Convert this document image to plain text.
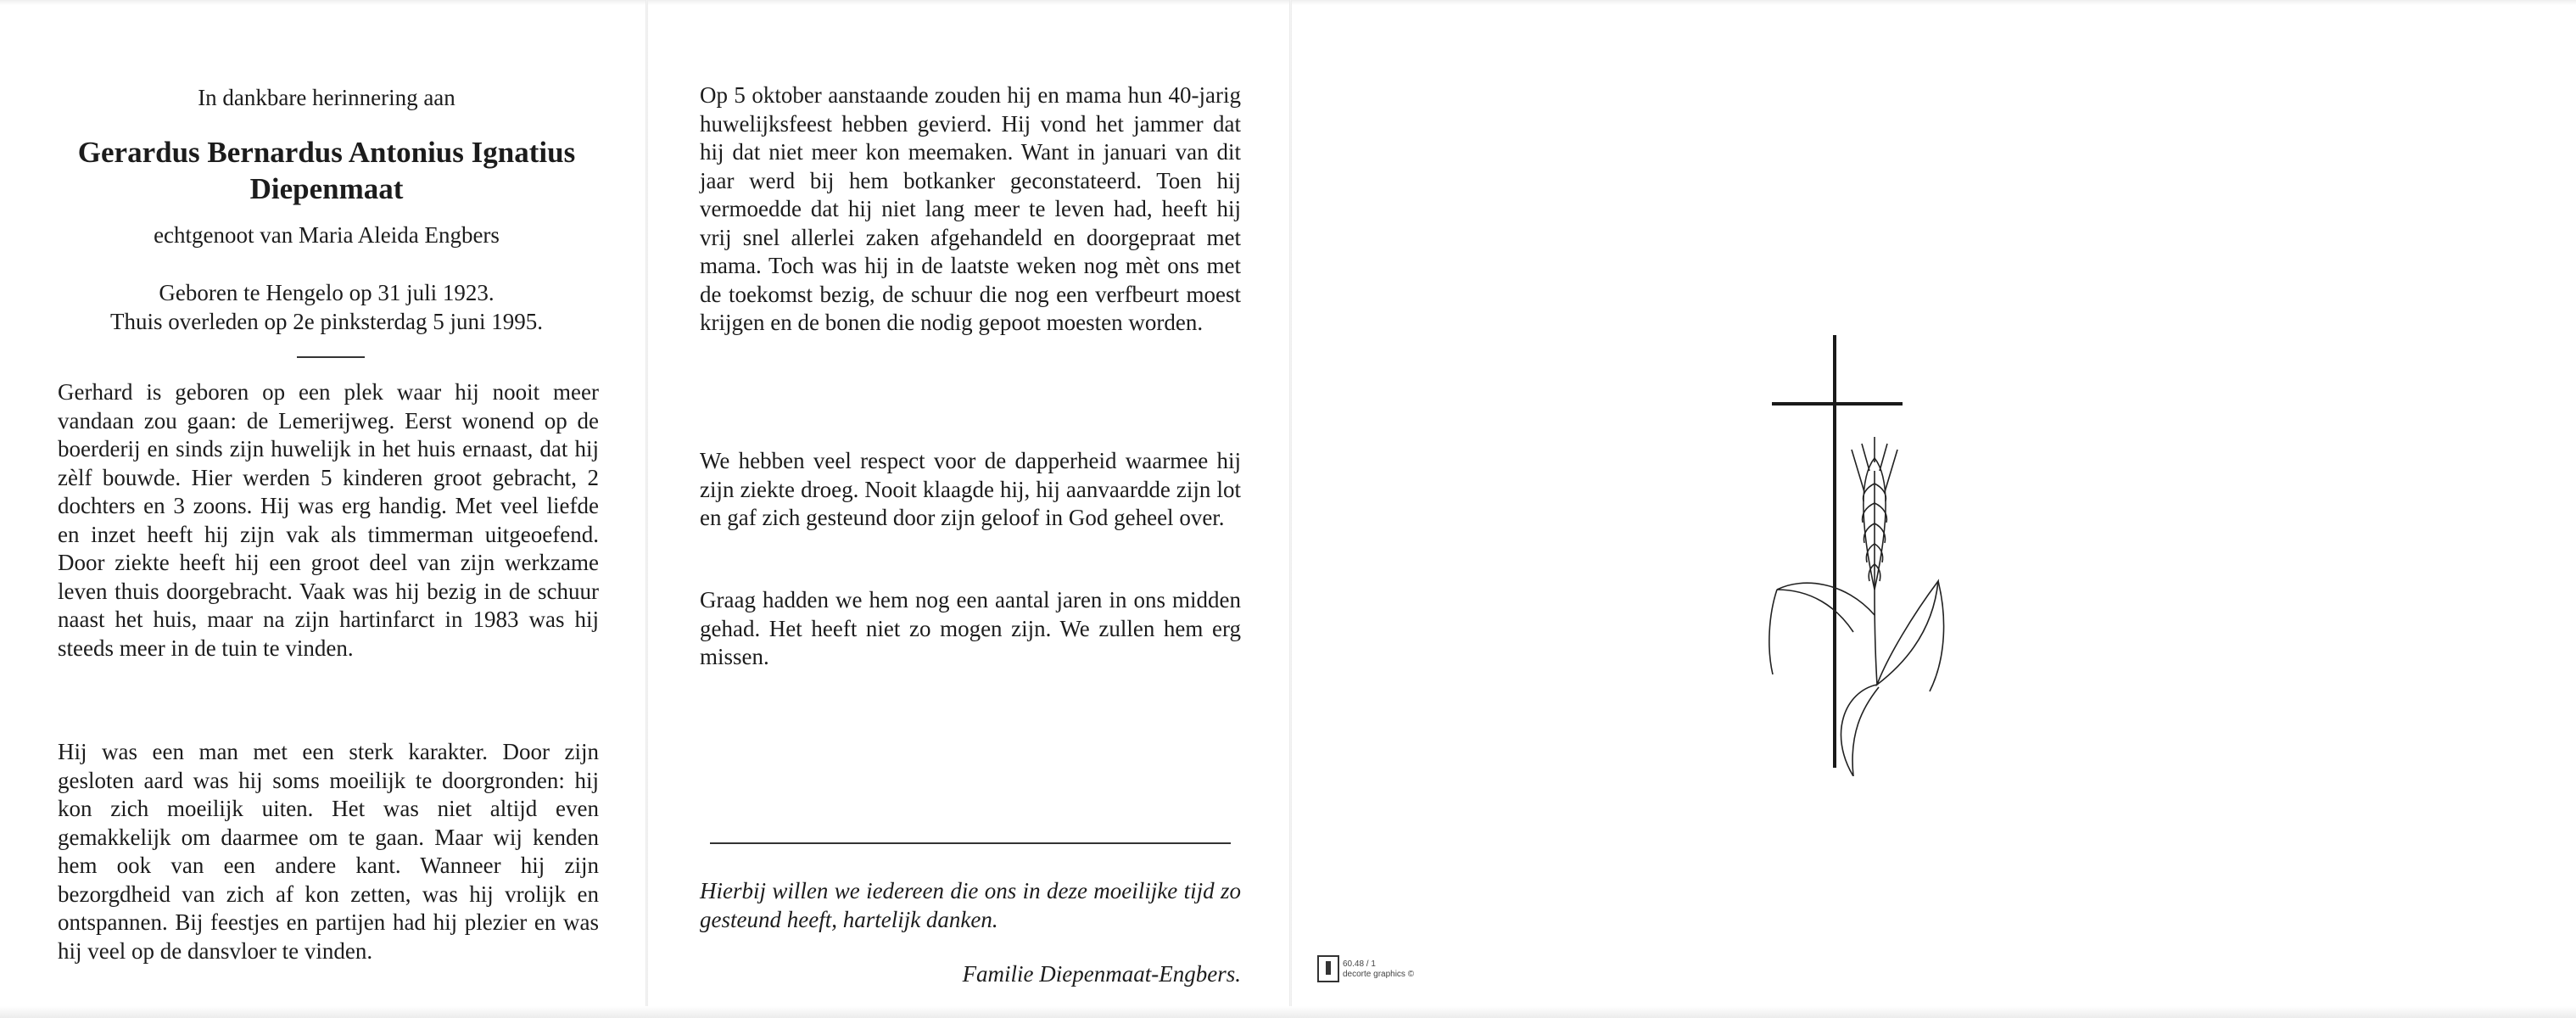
In dankbare herinnering aan
Gerardus Bernardus Antonius Ignatius
Diepenmaat
echtgenoot van Maria Aleida Engbers
Geboren te Hengelo op 31 juli 1923.
Thuis overleden op 2e pinksterdag 5 juni 1995.

Gerhard is geboren op een plek waar hij nooit meer vandaan zou gaan: de Lemerijweg. Eerst wonend op de boerderij en sinds zijn huwelijk in het huis ernaast, dat hij zèlf bouwde. Hier werden 5 kinderen groot gebracht, 2 dochters en 3 zoons. Hij was erg handig. Met veel liefde en inzet heeft hij zijn vak als timmerman uitgeoefend. Door ziekte heeft hij een groot deel van zijn werkzame leven thuis doorgebracht. Vaak was hij bezig in de schuur naast het huis, maar na zijn hartinfarct in 1983 was hij steeds meer in de tuin te vinden.

Hij was een man met een sterk karakter. Door zijn gesloten aard was hij soms moeilijk te doorgronden: hij kon zich moeilijk uiten. Het was niet altijd even gemakkelijk om daarmee om te gaan. Maar wij kenden hem ook van een andere kant. Wanneer hij zijn bezorgdheid van zich af kon zetten, was hij vrolijk en ontspannen. Bij feestjes en partijen had hij plezier en was hij veel op de dansvloer te vinden.

Op 5 oktober aanstaande zouden hij en mama hun 40-jarig huwelijksfeest hebben gevierd. Hij vond het jammer dat hij dat niet meer kon meemaken. Want in januari van dit jaar werd bij hem botkanker geconstateerd. Toen hij vermoedde dat hij niet lang meer te leven had, heeft hij vrij snel allerlei zaken afgehandeld en doorgepraat met mama. Toch was hij in de laatste weken nog mèt ons met de toekomst bezig, de schuur die nog een verfbeurt moest krijgen en de bonen die nodig gepoot moesten worden.

We hebben veel respect voor de dapperheid waarmee hij zijn ziekte droeg. Nooit klaagde hij, hij aanvaardde zijn lot en gaf zich gesteund door zijn geloof in God geheel over.

Graag hadden we hem nog een aantal jaren in ons midden gehad. Het heeft niet zo mogen zijn. We zullen hem erg missen.

Hierbij willen we iedereen die ons in deze moeilijke tijd zo gesteund heeft, hartelijk danken.

Familie Diepenmaat-Engbers.	60.48 / 1
decorte graphics ©
